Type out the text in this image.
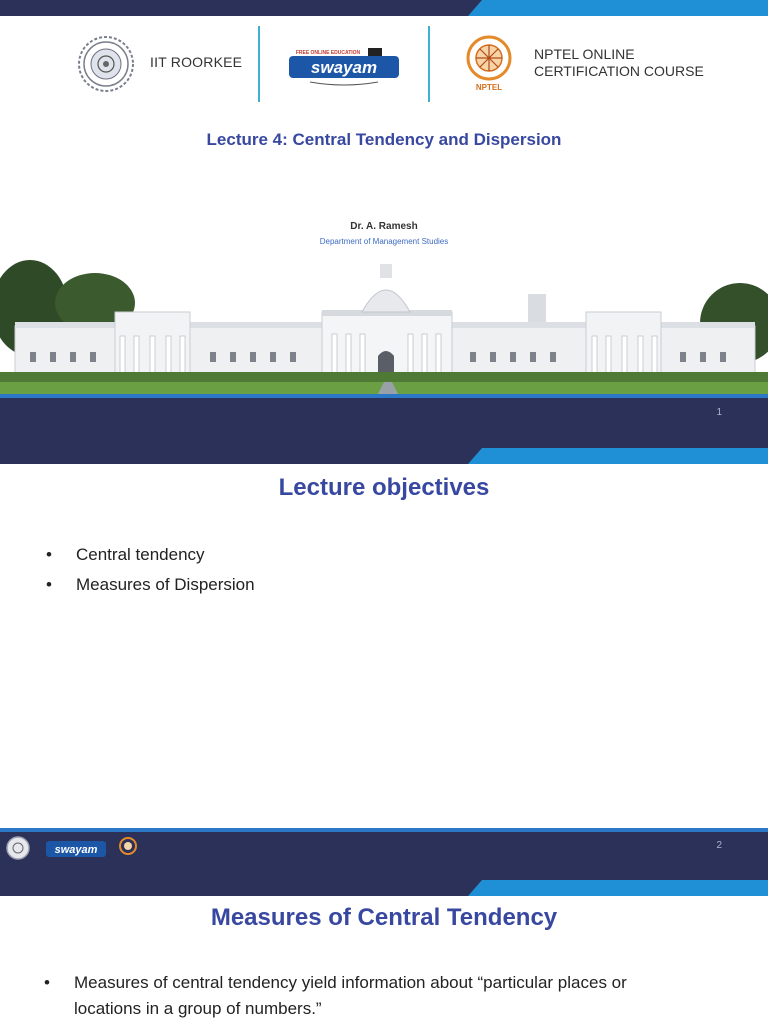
IIT ROORKEE	swayam
FREE ONLINE EDUCATION
NPTEL
NPTEL ONLINE
CERTIFICATION COURSE
Lecture 4: Central Tendency and Dispersion
Dr. A. Ramesh
Department of Management Studies
1
Lecture objectives
• Central tendency
• Measures of Dispersion
2
swayam
Measures of Central Tendency
• Measures of central tendency yield information about “particular places or
locations in a group of numbers.”
